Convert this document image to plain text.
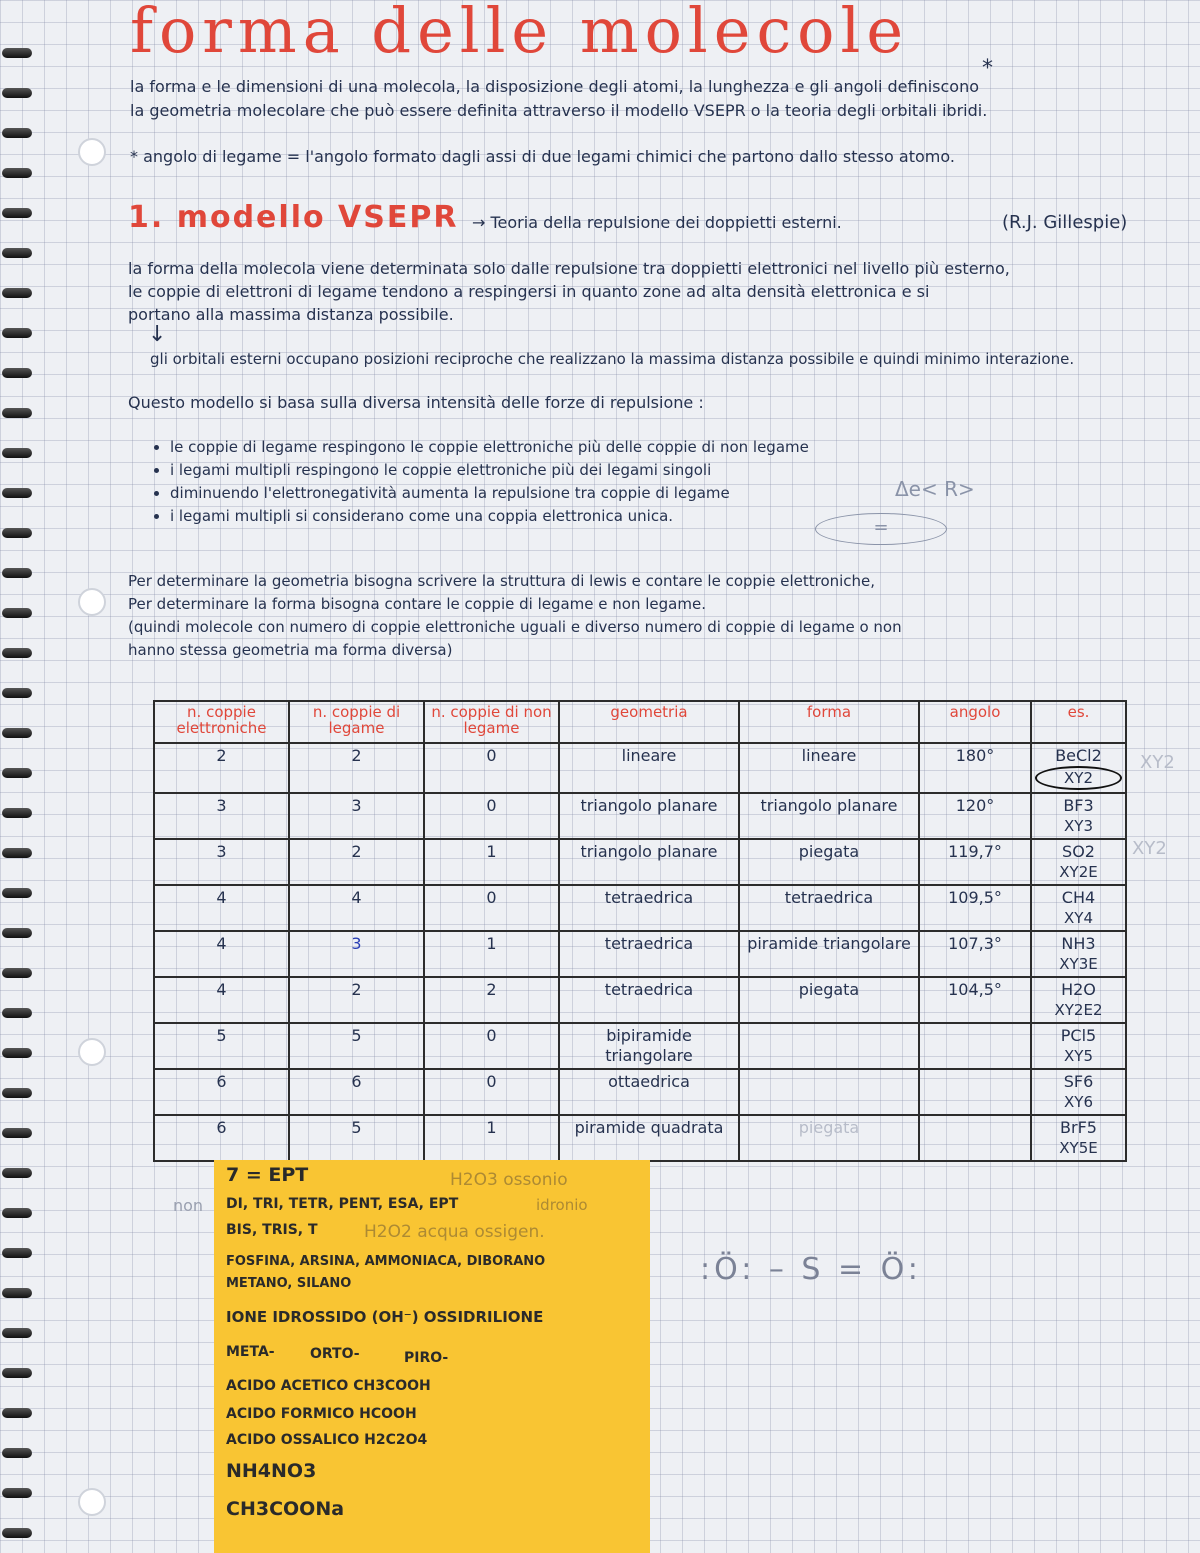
forma delle molecole
*

la forma e le dimensioni di una molecola, la disposizione degli atomi, la lunghezza e gli angoli definiscono

la geometria molecolare che può essere definita attraverso il modello VSEPR o la teoria degli orbitali ibridi.

* angolo di legame = l'angolo formato dagli assi di due legami chimici che partono dallo stesso atomo.

1. modello VSEPR → Teoria della repulsione dei doppietti esterni.	(R.J. Gillespie)

la forma della molecola viene determinata solo dalle repulsione tra doppietti elettronici nel livello più esterno,

le coppie di elettroni di legame tendono a respingersi in quanto zone ad alta densità elettronica e si

portano alla massima distanza possibile.

↓

gli orbitali esterni occupano posizioni reciproche che realizzano la massima distanza possibile e quindi minimo interazione.

Questo modello si basa sulla diversa intensità delle forze di repulsione :

• le coppie di legame respingono le coppie elettroniche più delle coppie di non legame
• i legami multipli respingono le coppie elettroniche più dei legami singoli
• diminuendo l'elettronegatività aumenta la repulsione tra coppie di legame
• i legami multipli si considerano come una coppia elettronica unica.
Δe< R>
=

Per determinare la geometria bisogna scrivere la struttura di lewis e contare le coppie elettroniche,

Per determinare la forma bisogna contare le coppie di legame e non legame.

(quindi molecole con numero di coppie elettroniche uguali e diverso numero di coppie di legame o non

hanno stessa geometria ma forma diversa)

n. coppie elettroniche	n. coppie di legame	n. coppie di non legame	geometria	forma	angolo	es.
2	2	0	lineare	lineare	180°	BeCl2
XY2

3	3	0	triangolo planare	triangolo planare	120°	BF3
XY3

3	2	1	triangolo planare	piegata	119,7°	SO2
XY2E

4	4	0	tetraedrica	tetraedrica	109,5°	CH4
XY4

4	3	1	tetraedrica	piramide triangolare	107,3°	NH3
XY3E

4	2	2	tetraedrica	piegata	104,5°	H2O
XY2E2

5	5	0	bipiramide triangolare			PCl5
XY5

6	6	0	ottaedrica			SF6
XY6

6	5	1	piramide quadrata	piegata		BrF5
XY5E
XY2
XY2
non

7 = EPT	H2O3 ossonio
idronio

DI, TRI, TETR, PENT, ESA, EPT

BIS, TRIS, T	H2O2 acqua ossigen.

FOSFINA, ARSINA, AMMONIACA, DIBORANO

METANO, SILANO

IONE IDROSSIDO (OH⁻) OSSIDRILIONE

META-	ORTO-	PIRO-

ACIDO ACETICO CH3COOH

ACIDO FORMICO HCOOH

ACIDO OSSALICO H2C2O4

NH4NO3

CH3COONa

:Ö: – S = Ö:
